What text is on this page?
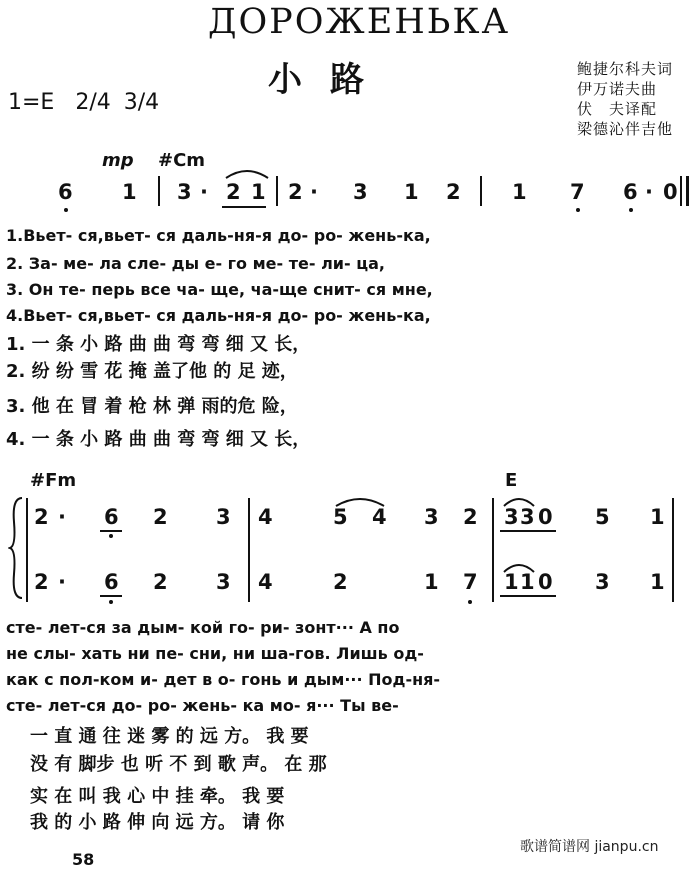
ДОРОЖЕНЬКА
小路
1=E 2/4 3/4
鲍捷尔科夫词
伊万诺夫曲
伏　夫译配
梁德沁伴吉他
mp #Cm
6 1 3 · 2 1 2 · 3 1 2 1 7 6 · 0
1.Вьет- ся,вьет- ся даль-ня-я до- ро- жень-ка,
2. За- ме- ла сле- ды е- го ме- те- ли- ца,
3. Он те- перь все ча- ще, ча-ще снит- ся мне,
4.Вьет- ся,вьет- ся даль-ня-я до- ро- жень-ка,
1. 一 条 小 路 曲 曲 弯 弯 细 又 长，
2. 纷 纷 雪 花 掩 盖了他 的 足 迹，
3. 他 在 冒 着 枪 林 弹 雨的危 险，
4. 一 条 小 路 曲 曲 弯 弯 细 又 长，
#Fm	E
2 · 6 2 3 4	5 4 3 2 3 3 0 5 1
2 · 6 2 3 4	2	1 7 1 1 0 3 1
сте- лет-ся за дым- кой го- ри- зонт··· А по
не слы- хать ни пе- сни, ни ша-гов. Лишь од-
как с пол-ком и- дет в о- гонь и дым··· Под-ня-
сте- лет-ся до- ро- жень- ка мо- я··· Ты ве-
一 直 通 往 迷 雾 的 远 方。 我 要
没 有 脚步 也 听 不 到 歌 声。 在 那
实 在 叫 我 心 中 挂 牵。 我 要
我 的 小 路 伸 向 远 方。 请 你
58
歌谱简谱网 jianpu.cn
